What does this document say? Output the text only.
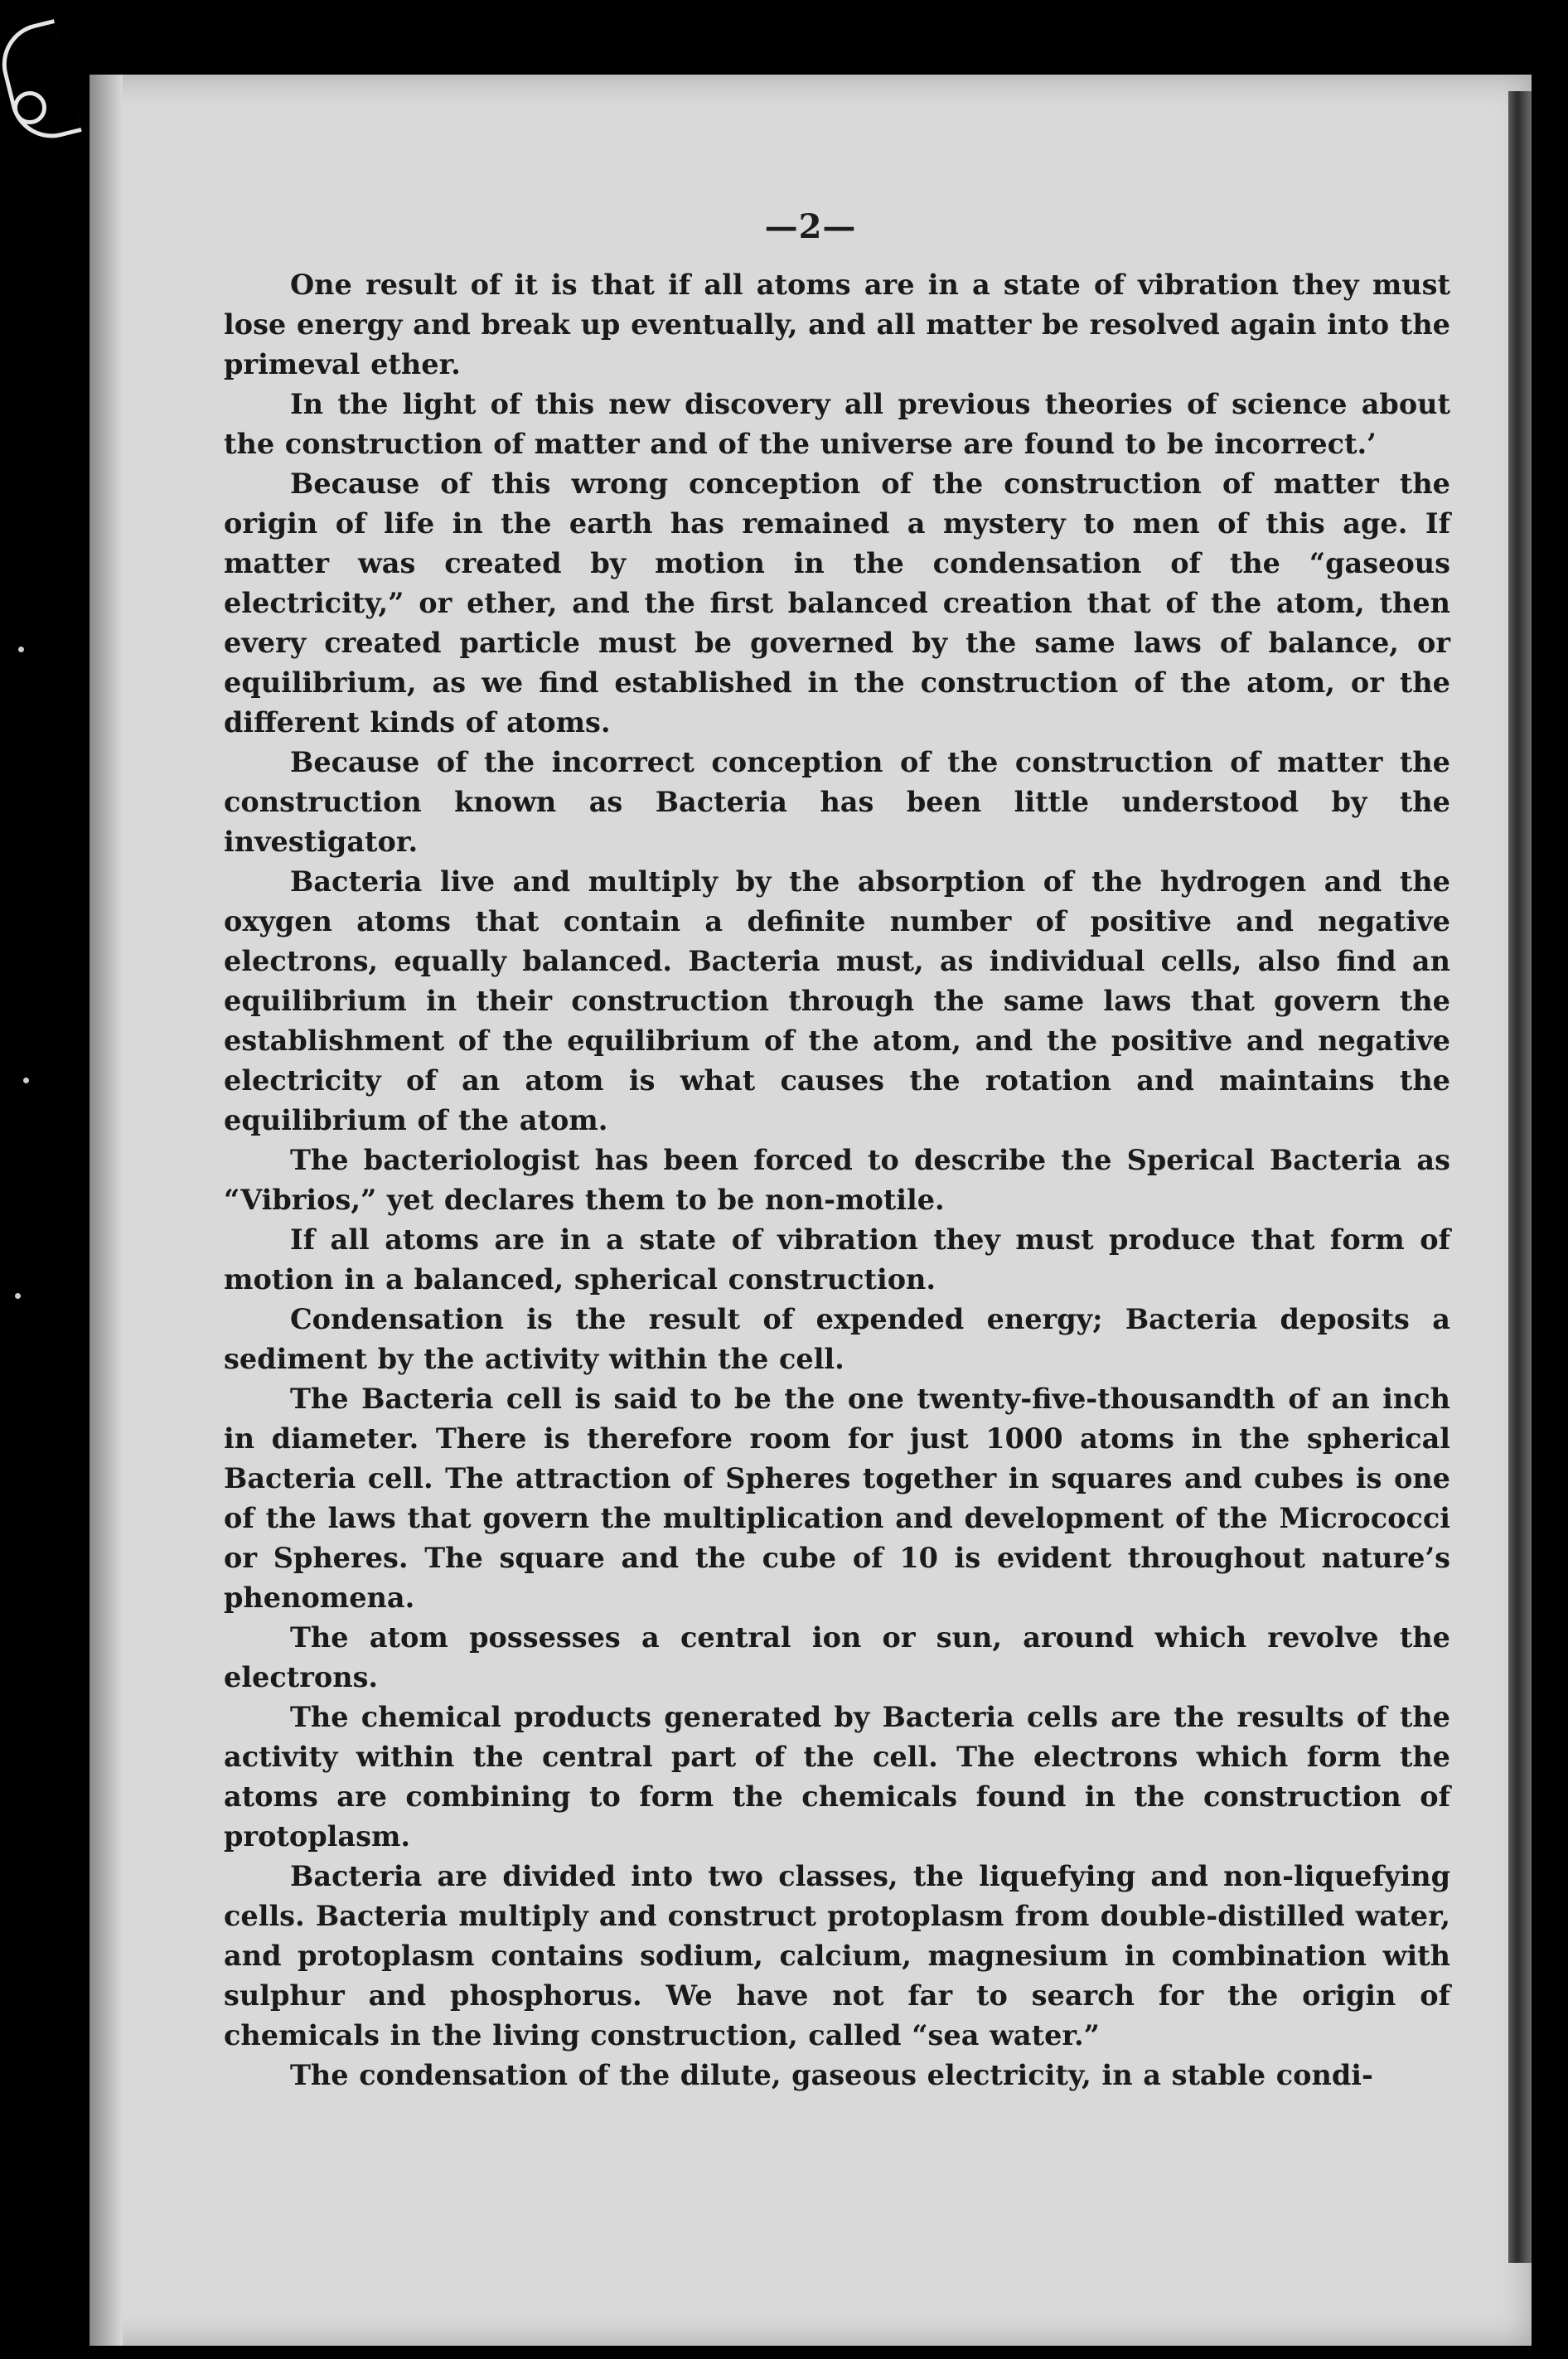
—2—

One result of it is that if all atoms are in a state of vibration they must lose energy and break up eventually, and all matter be resolved again into the primeval ether.

In the light of this new discovery all previous theories of science about the construction of matter and of the universe are found to be incorrect.’

Because of this wrong conception of the construction of matter the origin of life in the earth has remained a mystery to men of this age. If matter was created by motion in the condensation of the “gaseous electricity,” or ether, and the first balanced creation that of the atom, then every created particle must be governed by the same laws of balance, or equilibrium, as we find established in the construction of the atom, or the different kinds of atoms.

Because of the incorrect conception of the construction of matter the construction known as Bacteria has been little understood by the investigator.

Bacteria live and multiply by the absorption of the hydrogen and the oxygen atoms that contain a definite number of positive and negative electrons, equally balanced. Bacteria must, as individual cells, also find an equilibrium in their construction through the same laws that govern the establishment of the equilibrium of the atom, and the positive and negative electricity of an atom is what causes the rotation and maintains the equilibrium of the atom.

The bacteriologist has been forced to describe the Sperical Bacteria as “Vibrios,” yet declares them to be non-motile.

If all atoms are in a state of vibration they must produce that form of motion in a balanced, spherical construction.

Condensation is the result of expended energy; Bacteria deposits a sediment by the activity within the cell.

The Bacteria cell is said to be the one twenty-five-thousandth of an inch in diameter. There is therefore room for just 1000 atoms in the spherical Bacteria cell. The attraction of Spheres together in squares and cubes is one of the laws that govern the multiplication and development of the Micrococci or Spheres. The square and the cube of 10 is evident throughout nature’s phenomena.

The atom possesses a central ion or sun, around which revolve the electrons.

The chemical products generated by Bacteria cells are the results of the activity within the central part of the cell. The electrons which form the atoms are combining to form the chemicals found in the construction of protoplasm.

Bacteria are divided into two classes, the liquefying and non-liquefying cells. Bacteria multiply and construct protoplasm from double-distilled water, and protoplasm contains sodium, calcium, magnesium in combination with sulphur and phosphorus. We have not far to search for the origin of chemicals in the living construction, called “sea water.”

The condensation of the dilute, gaseous electricity, in a stable condi-
